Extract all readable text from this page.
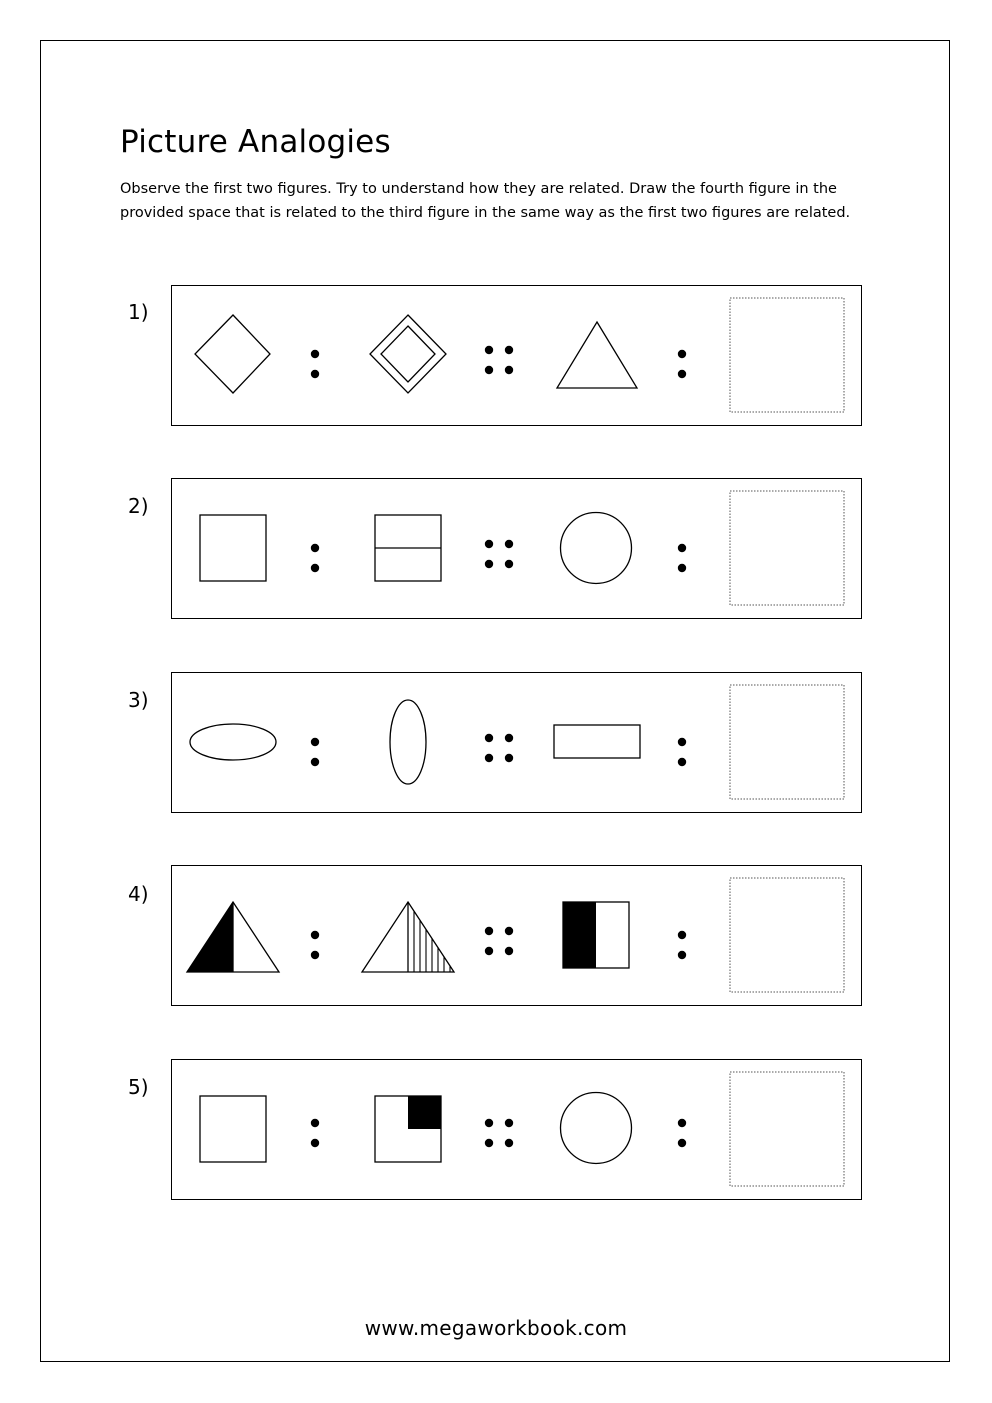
Picture Analogies
Observe the first two figures. Try to understand how they are related. Draw the fourth figure in the provided space that is related to the third figure in the same way as the first two figures are related.
1)
2)
3)
4)
5)
www.megaworkbook.com
